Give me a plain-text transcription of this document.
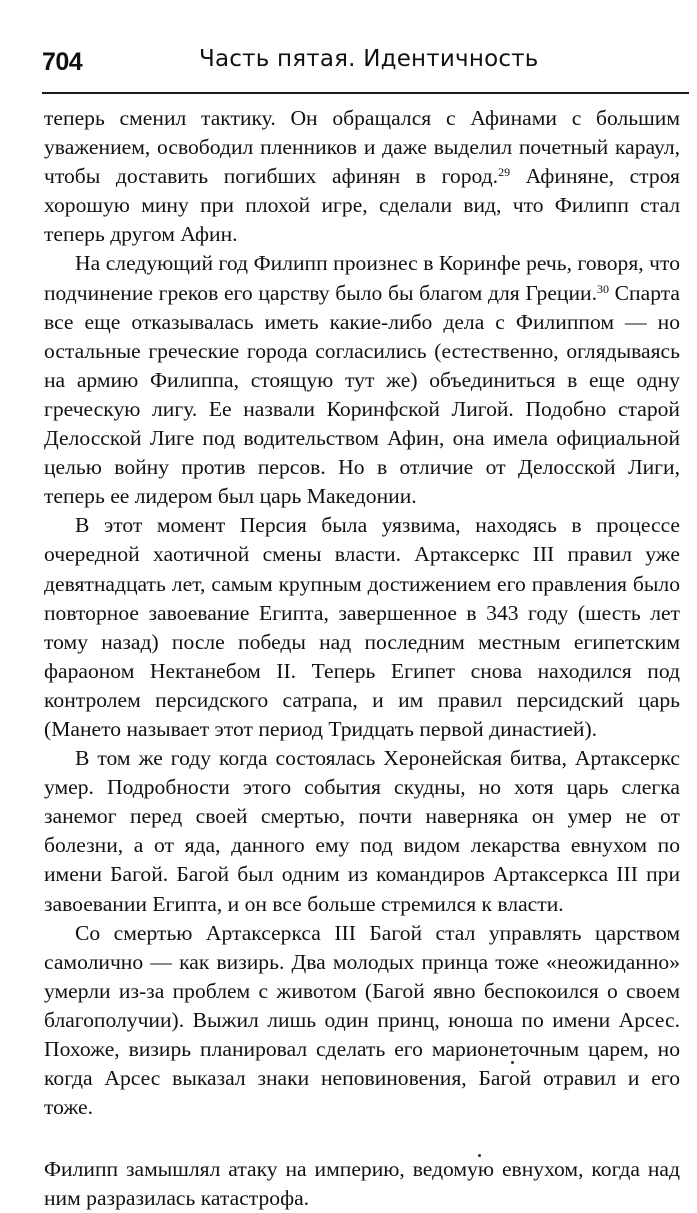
704	Часть пятая. Идентичность

теперь сменил тактику. Он обращался с Афинами с большим уважением, освободил пленников и даже выделил почетный караул, чтобы доставить погибших афинян в город.$^{29}$ Афиняне, строя хорошую мину при плохой игре, сделали вид, что Филипп стал теперь другом Афин.

На следующий год Филипп произнес в Коринфе речь, говоря, что подчинение греков его царству было бы благом для Греции.$^{30}$ Спарта все еще отказывалась иметь какие-либо дела с Филиппом — но остальные греческие города согласились (естественно, оглядываясь на армию Филиппа, стоящую тут же) объединиться в еще одну греческую лигу. Ее назвали Коринфской Лигой. Подобно старой Делосской Лиге под водительством Афин, она имела официальной целью войну против персов. Но в отличие от Делосской Лиги, теперь ее лидером был царь Македонии.

В этот момент Персия была уязвима, находясь в процессе очередной хаотичной смены власти. Артаксеркс III правил уже девятнадцать лет, самым крупным достижением его правления было повторное завоевание Египта, завершенное в 343 году (шесть лет тому назад) после победы над последним местным египетским фараоном Нектанебом II. Теперь Египет снова находился под контролем персидского сатрапа, и им правил персидский царь (Мането называет этот период Тридцать первой династией).

В том же году когда состоялась Херонейская битва, Артаксеркс умер. Подробности этого события скудны, но хотя царь слегка занемог перед своей смертью, почти наверняка он умер не от болезни, а от яда, данного ему под видом лекарства евнухом по имени Багой. Багой был одним из командиров Артаксеркса III при завоевании Египта, и он все больше стремился к власти.

Со смертью Артаксеркса III Багой стал управлять царством самолично — как визирь. Два молодых принца тоже «неожиданно» умерли из-за проблем с животом (Багой явно беспокоился о своем благополучии). Выжил лишь один принц, юноша по имени Арсес. Похоже, визирь планировал сделать его марионеточным царем, но когда Арсес выказал знаки неповиновения, Багой отравил и его тоже.

Филипп замышлял атаку на империю, ведомую евнухом, когда над ним разразилась катастрофа.
